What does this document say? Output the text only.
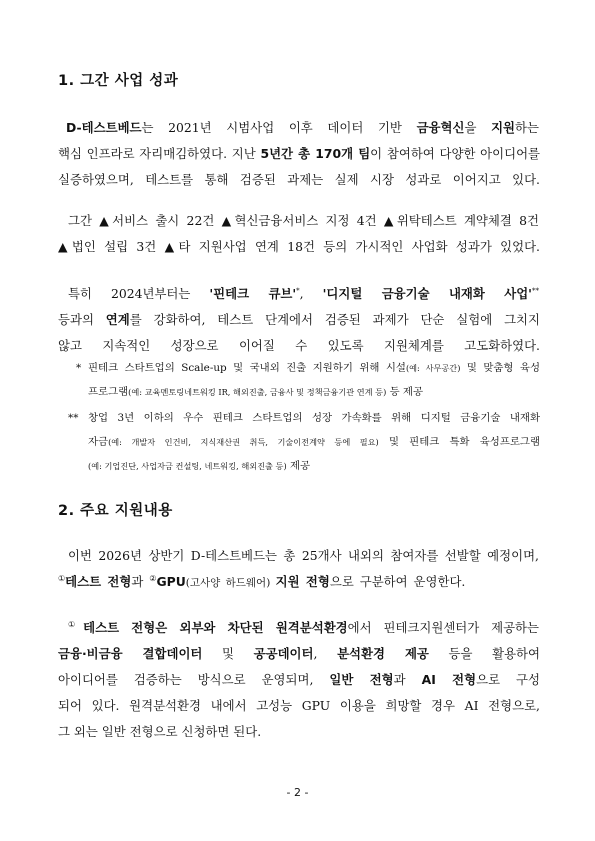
1. 그간 사업 성과
D-테스트베드는 2021년 시범사업 이후 데이터 기반 금융혁신을 지원하는
핵심 인프라로 자리매김하였다. 지난 5년간 총 170개 팀이 참여하여 다양한 아이디어를
실증하였으며, 테스트를 통해 검증된 과제는 실제 시장 성과로 이어지고 있다.
그간 ▲서비스 출시 22건 ▲혁신금융서비스 지정 4건 ▲위탁테스트 계약체결 8건
▲법인 설립 3건 ▲타 지원사업 연계 18건 등의 가시적인 사업화 성과가 있었다.
특히 2024년부터는 '핀테크 큐브'*, '디지털 금융기술 내재화 사업'**
등과의 연계를 강화하여, 테스트 단계에서 검증된 과제가 단순 실험에 그치지
않고 지속적인 성장으로 이어질 수 있도록 지원체계를 고도화하였다.
* 핀테크 스타트업의 Scale-up 및 국내외 진출 지원하기 위해 시설(예: 사무공간) 및 맞춤형 육성
프로그램(예: 교육멘토링네트워킹 IR, 해외진출, 금융사 및 정책금융기관 연계 등) 등 제공
** 창업 3년 이하의 우수 핀테크 스타트업의 성장 가속화를 위해 디지털 금융기술 내재화
자금(예: 개발자 인건비, 지식재산권 취득, 기술이전계약 등에 필요) 및 핀테크 특화 육성프로그램
(예: 기업진단, 사업자금 컨설팅, 네트워킹, 해외진출 등) 제공
2. 주요 지원내용
이번 2026년 상반기 D-테스트베드는 총 25개사 내외의 참여자를 선발할 예정이며,
①테스트 전형과 ②GPU(고사양 하드웨어) 지원 전형으로 구분하여 운영한다.
①테스트 전형은 외부와 차단된 원격분석환경에서 핀테크지원센터가 제공하는
금융·비금융 결합데이터 및 공공데이터, 분석환경 제공 등을 활용하여
아이디어를 검증하는 방식으로 운영되며, 일반 전형과 AI 전형으로 구성
되어 있다. 원격분석환경 내에서 고성능 GPU 이용을 희망할 경우 AI 전형으로,
그 외는 일반 전형으로 신청하면 된다.
- 2 -
